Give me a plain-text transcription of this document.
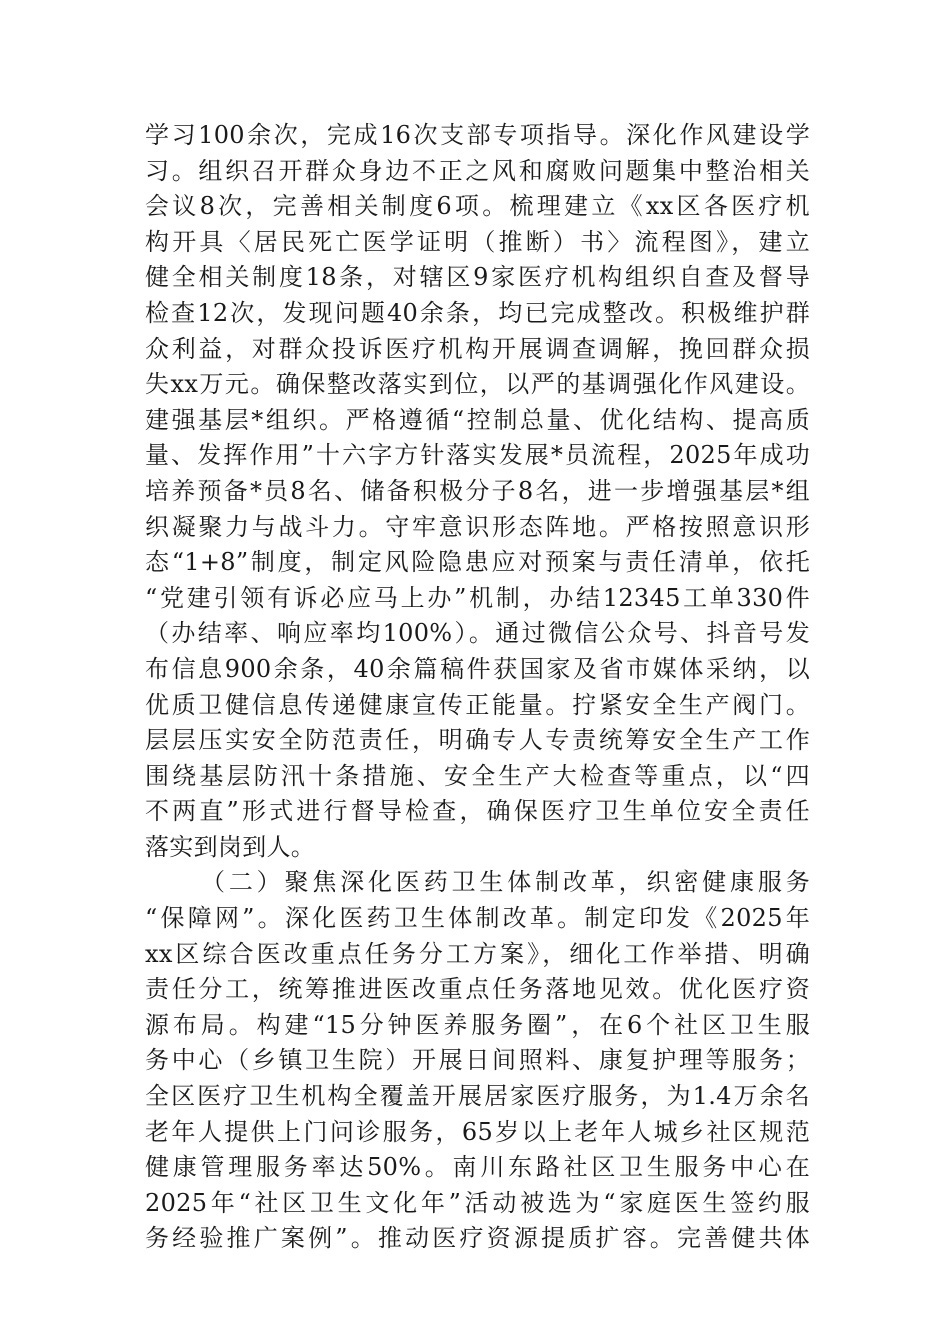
学习100余次，完成16次支部专项指导。深化作风建设学
习。组织召开群众身边不正之风和腐败问题集中整治相关
会议8次，完善相关制度6项。梳理建立《xx区各医疗机
构开具〈居民死亡医学证明（推断）书〉流程图》，建立
健全相关制度18条，对辖区9家医疗机构组织自查及督导
检查12次，发现问题40余条，均已完成整改。积极维护群
众利益，对群众投诉医疗机构开展调查调解，挽回群众损
失xx万元。确保整改落实到位，以严的基调强化作风建设。
建强基层*组织。严格遵循“控制总量、优化结构、提高质
量、发挥作用”十六字方针落实发展*员流程，2025年成功
培养预备*员8名、储备积极分子8名，进一步增强基层*组
织凝聚力与战斗力。守牢意识形态阵地。严格按照意识形
态“1+8”制度，制定风险隐患应对预案与责任清单，依托
“党建引领有诉必应马上办”机制，办结12345工单330件
（办结率、响应率均100%）。通过微信公众号、抖音号发
布信息900余条，40余篇稿件获国家及省市媒体采纳，以
优质卫健信息传递健康宣传正能量。拧紧安全生产阀门。
层层压实安全防范责任，明确专人专责统筹安全生产工作
围绕基层防汛十条措施、安全生产大检查等重点，以“四
不两直”形式进行督导检查，确保医疗卫生单位安全责任
落实到岗到人。
（二）聚焦深化医药卫生体制改革，织密健康服务
“保障网”。深化医药卫生体制改革。制定印发《2025年
xx区综合医改重点任务分工方案》，细化工作举措、明确
责任分工，统筹推进医改重点任务落地见效。优化医疗资
源布局。构建“15分钟医养服务圈”，在6个社区卫生服
务中心（乡镇卫生院）开展日间照料、康复护理等服务；
全区医疗卫生机构全覆盖开展居家医疗服务，为1.4万余名
老年人提供上门问诊服务，65岁以上老年人城乡社区规范
健康管理服务率达50%。南川东路社区卫生服务中心在
2025年“社区卫生文化年”活动被选为“家庭医生签约服
务经验推广案例”。推动医疗资源提质扩容。完善健共体
